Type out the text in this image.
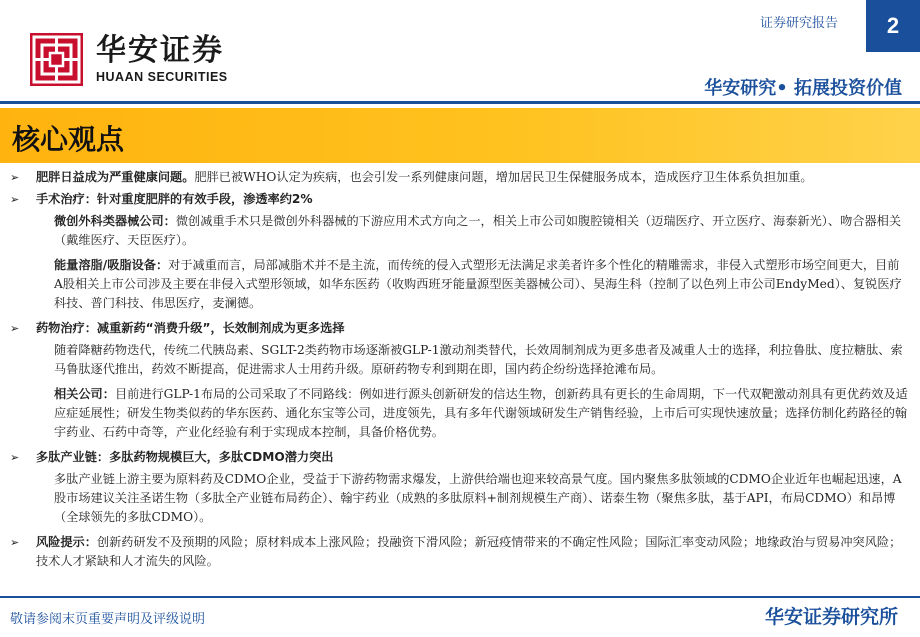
华安证券
HUAAN SECURITIES
证券研究报告	2
华安研究• 拓展投资价值
核心观点
➢ 肥胖日益成为严重健康问题。肥胖已被WHO认定为疾病，也会引发一系列健康问题，增加居民卫生保健服务成本，造成医疗卫生体系负担加重。
➢ 手术治疗：针对重度肥胖的有效手段，渗透率约2%
微创外科类器械公司：微创减重手术只是微创外科器械的下游应用术式方向之一，相关上市公司如腹腔镜相关（迈瑞医疗、开立医疗、海泰新光）、吻合器相关（戴维医疗、天臣医疗）。
能量溶脂/吸脂设备：对于减重而言，局部减脂术并不是主流，而传统的侵入式塑形无法满足求美者许多个性化的精雕需求，非侵入式塑形市场空间更大，目前A股相关上市公司涉及主要在非侵入式塑形领域，如华东医药（收购西班牙能量源型医美器械公司）、昊海生科（控制了以色列上市公司EndyMed）、复锐医疗科技、普门科技、伟思医疗，麦澜德。
➢ 药物治疗：减重新药“消费升级”，长效制剂成为更多选择
随着降糖药物迭代，传统二代胰岛素、SGLT-2类药物市场逐渐被GLP-1激动剂类替代，长效周制剂成为更多患者及减重人士的选择，利拉鲁肽、度拉糖肽、索马鲁肽逐代推出，药效不断提高，促进需求人士用药升级。原研药物专利到期在即，国内药企纷纷选择抢滩布局。
相关公司：目前进行GLP-1布局的公司采取了不同路线：例如进行源头创新研发的信达生物，创新药具有更长的生命周期，下一代双靶激动剂具有更优药效及适应症延展性；研发生物类似药的华东医药、通化东宝等公司，进度领先，具有多年代谢领域研发生产销售经验，上市后可实现快速放量；选择仿制化药路径的翰宇药业、石药中奇等，产业化经验有利于实现成本控制，具备价格优势。
➢ 多肽产业链：多肽药物规模巨大，多肽CDMO潜力突出
多肽产业链上游主要为原料药及CDMO企业，受益于下游药物需求爆发，上游供给端也迎来较高景气度。国内聚焦多肽领域的CDMO企业近年也崛起迅速，A股市场建议关注圣诺生物（多肽全产业链布局药企）、翰宇药业（成熟的多肽原料+制剂规模生产商）、诺泰生物（聚焦多肽，基于API，布局CDMO）和昂博（全球领先的多肽CDMO）。
➢ 风险提示：创新药研发不及预期的风险；原材料成本上涨风险；投融资下滑风险；新冠疫情带来的不确定性风险；国际汇率变动风险；地缘政治与贸易冲突风险；技术人才紧缺和人才流失的风险。
敬请参阅末页重要声明及评级说明	华安证券研究所
